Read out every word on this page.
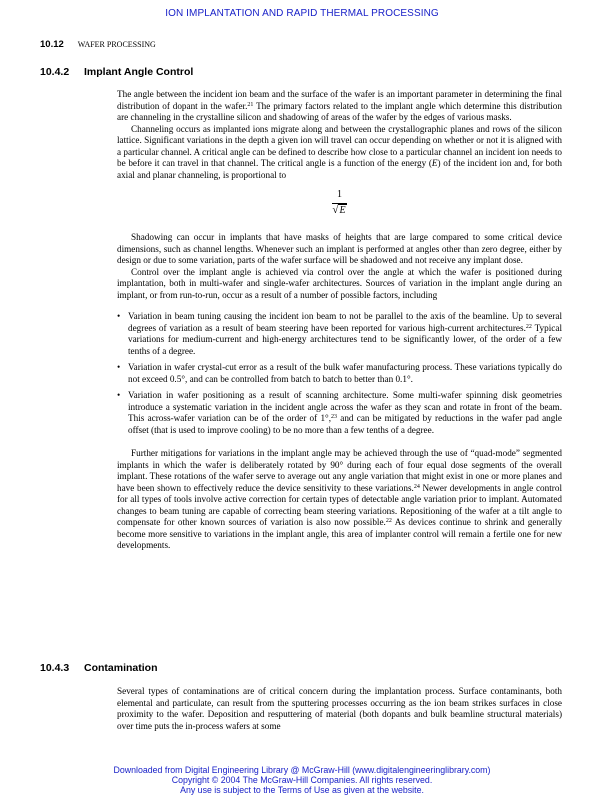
ION IMPLANTATION AND RAPID THERMAL PROCESSING
10.12 WAFER PROCESSING
10.4.2 Implant Angle Control

The angle between the incident ion beam and the surface of the wafer is an important parameter in determining the final distribution of dopant in the wafer.$^{21}$ The primary factors related to the implant angle which determine this distribution are channeling in the crystalline silicon and shadowing of areas of the wafer by the edges of various masks.

Channeling occurs as implanted ions migrate along and between the crystallographic planes and rows of the silicon lattice. Significant variations in the depth a given ion will travel can occur depending on whether or not it is aligned with a particular channel. A critical angle can be defined to describe how close to a particular channel an incident ion needs to be before it can travel in that channel. The critical angle is a function of the energy (E) of the incident ion and, for both axial and planar channeling, is proportional to

$\frac{1}{√E}$

Shadowing can occur in implants that have masks of heights that are large compared to some critical device dimensions, such as channel lengths. Whenever such an implant is performed at angles other than zero degree, either by design or due to some variation, parts of the wafer surface will be shadowed and not receive any implant dose.

Control over the implant angle is achieved via control over the angle at which the wafer is positioned during implantation, both in multi-wafer and single-wafer architectures. Sources of variation in the implant angle during an implant, or from run-to-run, occur as a result of a number of possible factors, including

• Variation in beam tuning causing the incident ion beam to not be parallel to the axis of the beamline. Up to several degrees of variation as a result of beam steering have been reported for various high-current architectures.$^{22}$ Typical variations for medium-current and high-energy architectures tend to be significantly lower, of the order of a few tenths of a degree.
• Variation in wafer crystal-cut error as a result of the bulk wafer manufacturing process. These variations typically do not exceed 0.5°, and can be controlled from batch to batch to better than 0.1°.
• Variation in wafer positioning as a result of scanning architecture. Some multi-wafer spinning disk geometries introduce a systematic variation in the incident angle across the wafer as they scan and rotate in front of the beam. This across-wafer variation can be of the order of 1°,$^{23}$ and can be mitigated by reductions in the wafer pad angle offset (that is used to improve cooling) to be no more than a few tenths of a degree.

Further mitigations for variations in the implant angle may be achieved through the use of “quad-mode” segmented implants in which the wafer is deliberately rotated by 90° during each of four equal dose segments of the overall implant. These rotations of the wafer serve to average out any angle variation that might exist in one or more planes and have been shown to effectively reduce the device sensitivity to these variations.$^{24}$ Newer developments in angle control for all types of tools involve active correction for certain types of detectable angle variation prior to implant. Automated changes to beam tuning are capable of correcting beam steering variations. Repositioning of the wafer at a tilt angle to compensate for other known sources of variation is also now possible.$^{22}$ As devices continue to shrink and generally become more sensitive to variations in the implant angle, this area of implanter control will remain a fertile one for new developments.

10.4.3 Contamination

Several types of contaminations are of critical concern during the implantation process. Surface contaminants, both elemental and particulate, can result from the sputtering processes occurring as the ion beam strikes surfaces in close proximity to the wafer. Deposition and resputtering of material (both dopants and bulk beamline structural materials) over time puts the in-process wafers at some

Downloaded from Digital Engineering Library @ McGraw-Hill (www.digitalengineeringlibrary.com)
Copyright © 2004 The McGraw-Hill Companies. All rights reserved.
Any use is subject to the Terms of Use as given at the website.
